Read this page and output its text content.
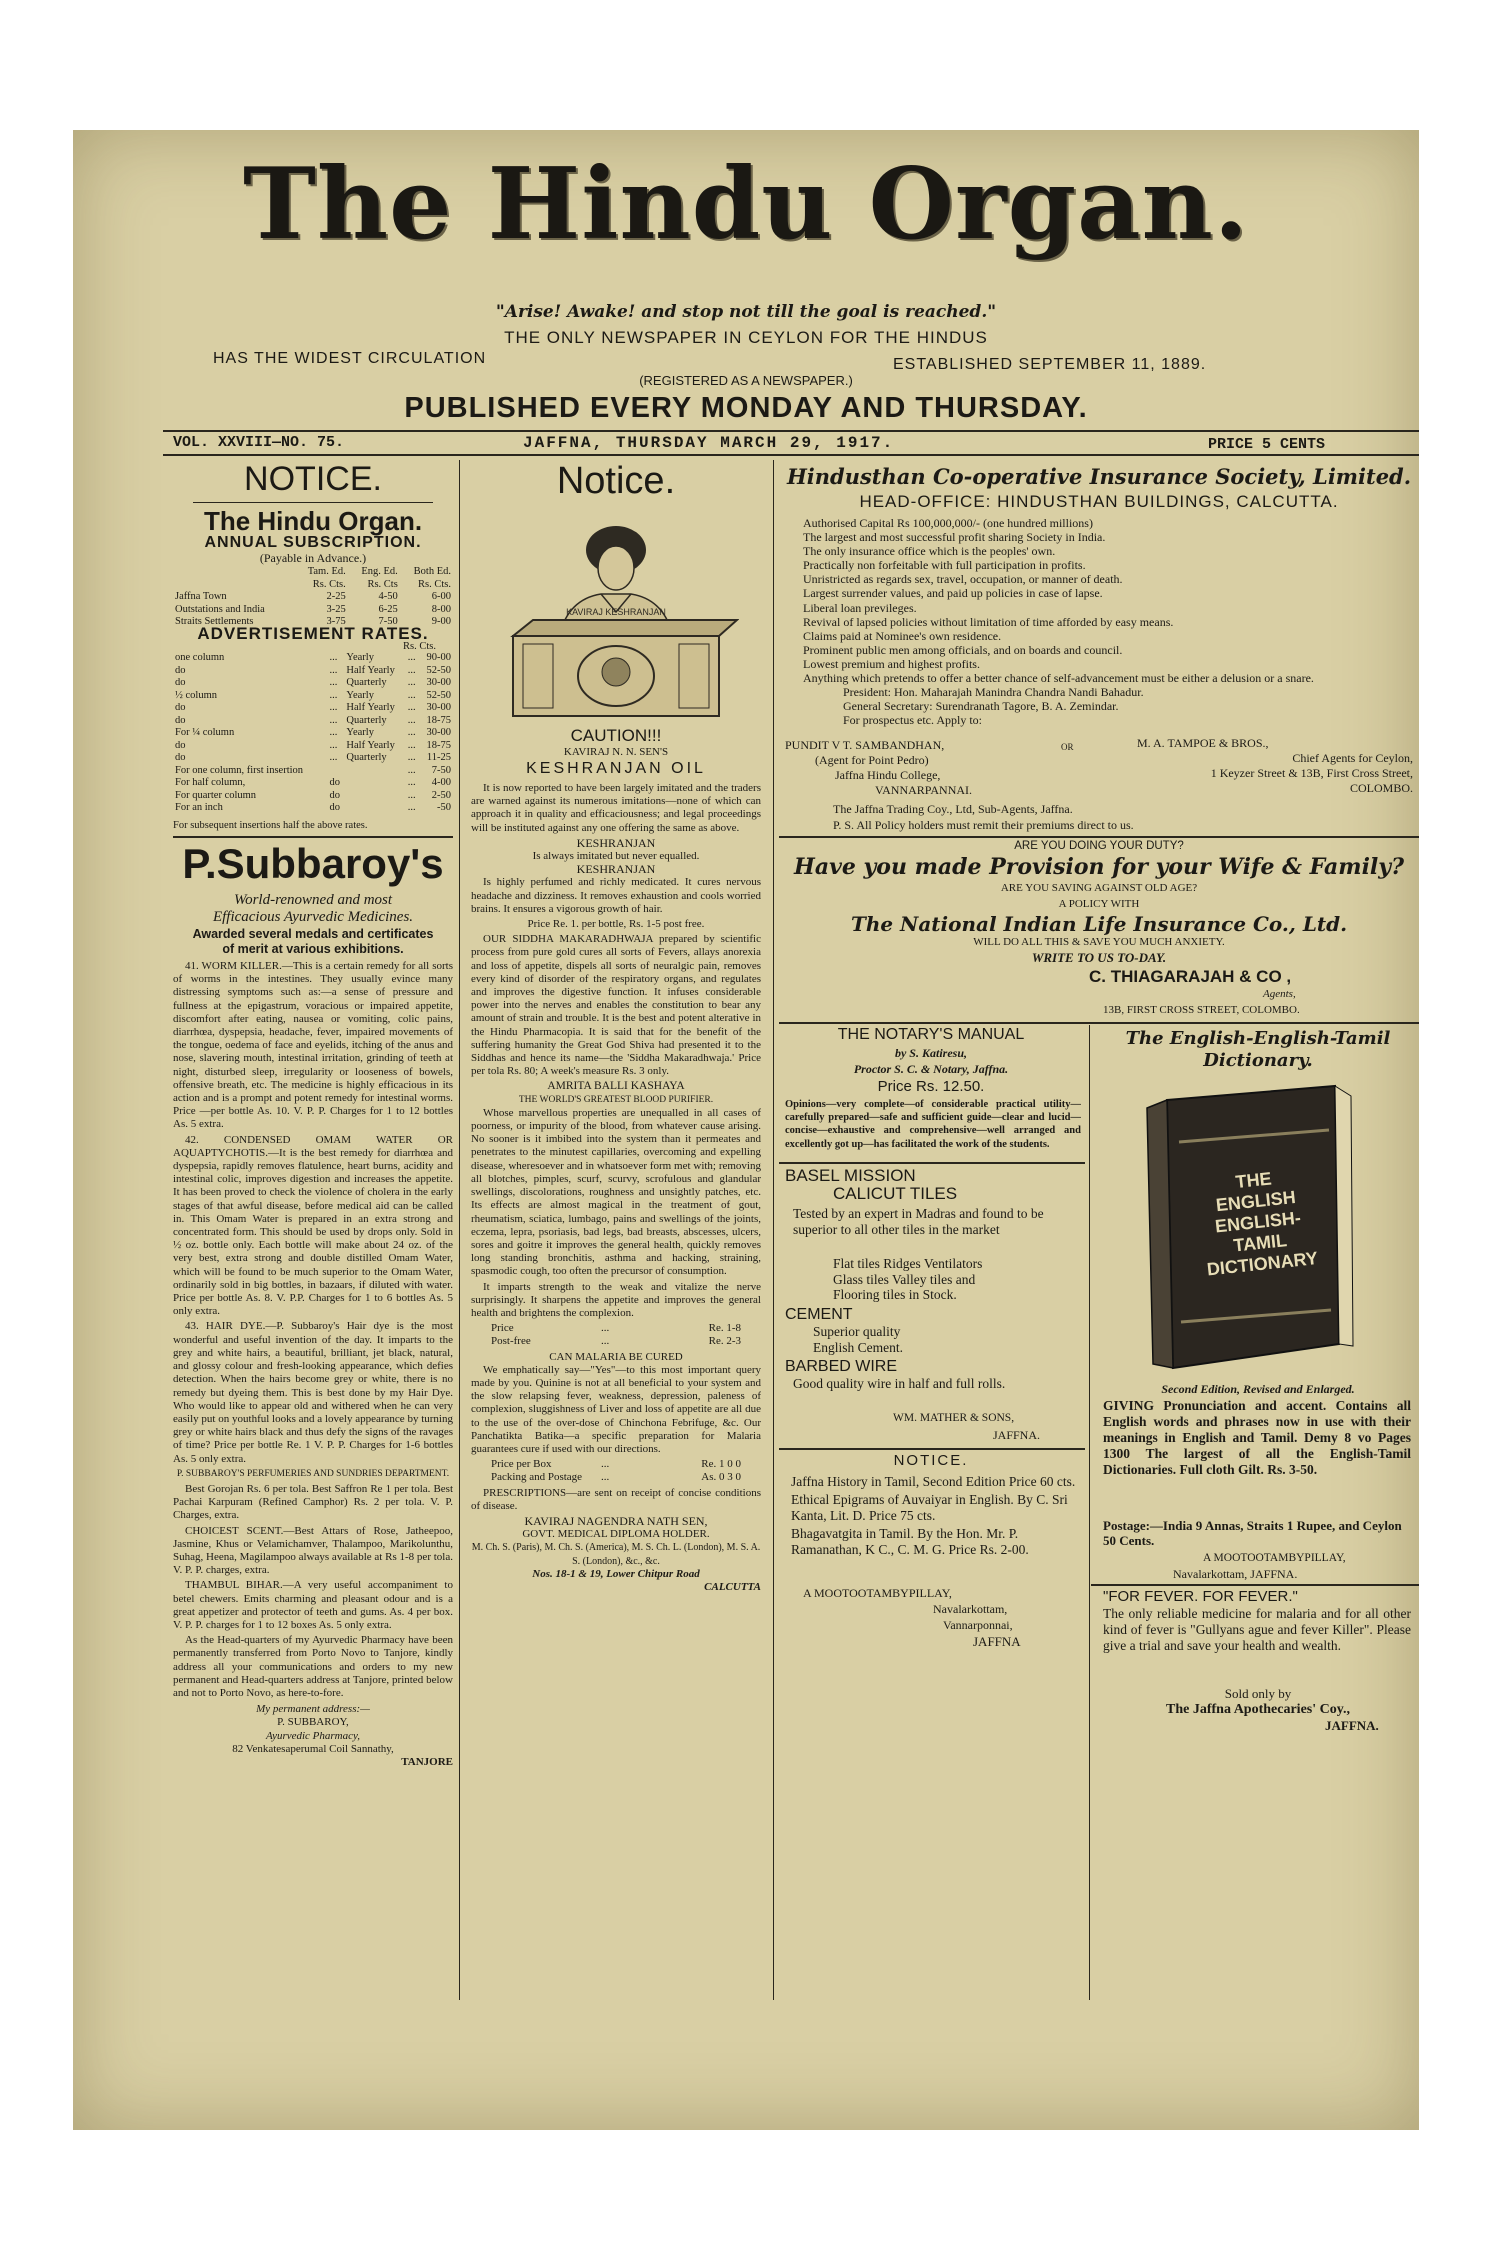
The Hindu Organ.
"Arise! Awake! and stop not till the goal is reached."
THE ONLY NEWSPAPER IN CEYLON FOR THE HINDUS
HAS THE WIDEST CIRCULATION	ESTABLISHED SEPTEMBER 11, 1889.
(REGISTERED AS A NEWSPAPER.)
PUBLISHED EVERY MONDAY AND THURSDAY.
VOL. XXVIII—NO. 75.	JAFFNA, THURSDAY MARCH 29, 1917.	PRICE 5 CENTS
NOTICE.
The Hindu Organ.
ANNUAL SUBSCRIPTION.
(Payable in Advance.)
	Tam. Ed.	Eng. Ed.	Both Ed.
	Rs. Cts.	Rs. Cts	Rs. Cts.
Jaffna Town	2-25	4-50	6-00
Outstations and India	3-25	6-25	8-00
Straits Settlements	3-75	7-50	9-00
ADVERTISEMENT RATES.
Rs. Cts.
one column	...	Yearly	...	90-00
do	...	Half Yearly	...	52-50
do	...	Quarterly	...	30-00
½ column	...	Yearly	...	52-50
do	...	Half Yearly	...	30-00
do	...	Quarterly	...	18-75
For ¼ column	...	Yearly	...	30-00
do	...	Half Yearly	...	18-75
do	...	Quarterly	...	11-25
For one column, first insertion			...	7-50
For half column,	do		...	4-00
For quarter column	do		...	2-50
For an inch	do		...	-50
For subsequent insertions half the above rates.
P.Subbaroy's
World-renowned and most
Efficacious Ayurvedic Medicines.
Awarded several medals and certificates
of merit at various exhibitions.

41. WORM KILLER.—This is a certain remedy for all sorts of worms in the intestines. They usually evince many distressing symptoms such as:—a sense of pressure and fullness at the epigastrum, voracious or impaired appetite, discomfort after eating, nausea or vomiting, colic pains, diarrhœa, dyspepsia, headache, fever, impaired movements of the tongue, oedema of face and eyelids, itching of the anus and nose, slavering mouth, intestinal irritation, grinding of teeth at night, disturbed sleep, irregularity or looseness of bowels, offensive breath, etc. The medicine is highly efficacious in its action and is a prompt and potent remedy for intestinal worms. Price —per bottle As. 10. V. P. P. Charges for 1 to 12 bottles As. 5 extra.

42. CONDENSED OMAM WATER OR AQUAPTYCHOTIS.—It is the best remedy for diarrhœa and dyspepsia, rapidly removes flatulence, heart burns, acidity and intestinal colic, improves digestion and increases the appetite. It has been proved to check the violence of cholera in the early stages of that awful disease, before medical aid can be called in. This Omam Water is prepared in an extra strong and concentrated form. This should be used by drops only. Sold in ½ oz. bottle only. Each bottle will make about 24 oz. of the very best, extra strong and double distilled Omam Water, which will be found to be much superior to the Omam Water, ordinarily sold in big bottles, in bazaars, if diluted with water. Price per bottle As. 8. V. P.P. Charges for 1 to 6 bottles As. 5 only extra.

43. HAIR DYE.—P. Subbaroy's Hair dye is the most wonderful and useful invention of the day. It imparts to the grey and white hairs, a beautiful, brilliant, jet black, natural, and glossy colour and fresh-looking appearance, which defies detection. When the hairs become grey or white, there is no remedy but dyeing them. This is best done by my Hair Dye. Who would like to appear old and withered when he can very easily put on youthful looks and a lovely appearance by turning grey or white hairs black and thus defy the signs of the ravages of time? Price per bottle Re. 1 V. P. P. Charges for 1-6 bottles As. 5 only extra.

P. SUBBAROY'S PERFUMERIES AND SUNDRIES DEPARTMENT.

Best Gorojan Rs. 6 per tola. Best Saffron Re 1 per tola. Best Pachai Karpuram (Refined Camphor) Rs. 2 per tola. V. P. Charges, extra.

CHOICEST SCENT.—Best Attars of Rose, Jatheepoo, Jasmine, Khus or Velamichamver, Thalampoo, Marikolunthu, Suhag, Heena, Magilampoo always available at Rs 1-8 per tola. V. P. P. charges, extra.

THAMBUL BIHAR.—A very useful accompaniment to betel chewers. Emits charming and pleasant odour and is a great appetizer and protector of teeth and gums. As. 4 per box. V. P. P. charges for 1 to 12 boxes As. 5 only extra.

As the Head-quarters of my Ayurvedic Pharmacy have been permanently transferred from Porto Novo to Tanjore, kindly address all your communications and orders to my new permanent and Head-quarters address at Tanjore, printed below and not to Porto Novo, as here-to-fore.

My permanent address:—
P. SUBBAROY,
Ayurvedic Pharmacy,
82 Venkatesaperumal Coil Sannathy,
TANJORE
Notice.
KAVIRAJ KESHRANJAN
CAUTION!!!
KAVIRAJ N. N. SEN'S
KESHRANJAN OIL

It is now reported to have been largely imitated and the traders are warned against its numerous imitations—none of which can approach it in quality and efficaciousness; and legal proceedings will be instituted against any one offering the same as above.

KESHRANJAN
Is always imitated but never equalled.
KESHRANJAN

Is highly perfumed and richly medicated. It cures nervous headache and dizziness. It removes exhaustion and cools worried brains. It ensures a vigorous growth of hair.

Price Re. 1. per bottle, Rs. 1-5 post free.

OUR SIDDHA MAKARADHWAJA prepared by scientific process from pure gold cures all sorts of Fevers, allays anorexia and loss of appetite, dispels all sorts of neuralgic pain, removes every kind of disorder of the respiratory organs, and regulates and improves the digestive function. It infuses considerable power into the nerves and enables the constitution to bear any amount of strain and trouble. It is the best and potent alterative in the Hindu Pharmacopia. It is said that for the benefit of the suffering humanity the Great God Shiva had presented it to the Siddhas and hence its name—the 'Siddha Makaradhwaja.' Price per tola Rs. 80; A week's measure Rs. 3 only.

AMRITA BALLI KASHAYA
THE WORLD'S GREATEST BLOOD PURIFIER.

Whose marvellous properties are unequalled in all cases of poorness, or impurity of the blood, from whatever cause arising. No sooner is it imbibed into the system than it permeates and penetrates to the minutest capillaries, overcoming and expelling disease, wheresoever and in whatsoever form met with; removing all blotches, pimples, scurf, scurvy, scrofulous and glandular swellings, discolorations, roughness and unsightly patches, etc. Its effects are almost magical in the treatment of gout, rheumatism, sciatica, lumbago, pains and swellings of the joints, eczema, lepra, psoriasis, bad legs, bad breasts, abscesses, ulcers, sores and goitre it improves the general health, quickly removes long standing bronchitis, asthma and hacking, straining, spasmodic cough, too often the precursor of consumption.

It imparts strength to the weak and vitalize the nerve surprisingly. It sharpens the appetite and improves the general health and brightens the complexion.

Price	...	Re. 1-8
Post-free	...	Re. 2-3
CAN MALARIA BE CURED

We emphatically say—"Yes"—to this most important query made by you. Quinine is not at all beneficial to your system and the slow relapsing fever, weakness, depression, paleness of complexion, sluggishness of Liver and loss of appetite are all due to the use of the over-dose of Chinchona Febrifuge, &c. Our Panchatikta Batika—a specific preparation for Malaria guarantees cure if used with our directions.

Price per Box	...	Re. 1 0 0
Packing and Postage	...	As. 0 3 0

PRESCRIPTIONS—are sent on receipt of concise conditions of disease.

KAVIRAJ NAGENDRA NATH SEN,
GOVT. MEDICAL DIPLOMA HOLDER.
M. Ch. S. (Paris), M. Ch. S. (America), M. S. Ch. L. (London), M. S. A. S. (London), &c., &c.
Nos. 18-1 & 19, Lower Chitpur Road
CALCUTTA
Hindusthan Co-operative Insurance Society, Limited.
HEAD-OFFICE: HINDUSTHAN BUILDINGS, CALCUTTA.
Authorised Capital Rs 100,000,000/- (one hundred millions)
The largest and most successful profit sharing Society in India.
The only insurance office which is the peoples' own.
Practically non forfeitable with full participation in profits.
Unristricted as regards sex, travel, occupation, or manner of death.
Largest surrender values, and paid up policies in case of lapse.
Liberal loan previleges.
Revival of lapsed policies without limitation of time afforded by easy means.
Claims paid at Nominee's own residence.
Prominent public men among officials, and on boards and council.
Lowest premium and highest profits.
Anything which pretends to offer a better chance of self-advancement must be either a delusion or a snare.
President: Hon. Maharajah Manindra Chandra Nandi Bahadur.
General Secretary: Surendranath Tagore, B. A. Zemindar.
For prospectus etc. Apply to:
PUNDIT V T. SAMBANDHAN,
(Agent for Point Pedro)
Jaffna Hindu College,
VANNARPANNAI.
OR	M. A. TAMPOE & BROS.,
Chief Agents for Ceylon,
1 Keyzer Street & 13B, First Cross Street,
COLOMBO.
The Jaffna Trading Coy., Ltd, Sub-Agents, Jaffna.
P. S. All Policy holders must remit their premiums direct to us.
ARE YOU DOING YOUR DUTY?
Have you made Provision for your Wife & Family?
ARE YOU SAVING AGAINST OLD AGE?
A POLICY WITH
The National Indian Life Insurance Co., Ltd.
WILL DO ALL THIS & SAVE YOU MUCH ANXIETY.
WRITE TO US TO-DAY.
C. THIAGARAJAH & CO ,
Agents,
13B, FIRST CROSS STREET, COLOMBO.
THE NOTARY'S MANUAL
by S. Katiresu,
Proctor S. C. & Notary, Jaffna.
Price Rs. 12.50.
Opinions—very complete—of considerable practical utility—carefully prepared—safe and sufficient guide—clear and lucid—concise—exhaustive and comprehensive—well arranged and excellently got up—has facilitated the work of the students.
BASEL MISSION
CALICUT TILES
Tested by an expert in Madras and found to be superior to all other tiles in the market
Flat tiles Ridges Ventilators
Glass tiles Valley tiles and
Flooring tiles in Stock.
CEMENT
Superior quality
English Cement.
BARBED WIRE
Good quality wire in half and full rolls.
WM. MATHER & SONS,
JAFFNA.
NOTICE.
Jaffna History in Tamil, Second Edition Price 60 cts.
Ethical Epigrams of Auvaiyar in English. By C. Sri Kanta, Lit. D. Price 75 cts.
Bhagavatgita in Tamil. By the Hon. Mr. P. Ramanathan, K C., C. M. G. Price Rs. 2-00.
A MOOTOOTAMBYPILLAY,
Navalarkottam,
Vannarponnai,
JAFFNA
The English-English-Tamil Dictionary.
THE
ENGLISH
ENGLISH-
TAMIL
DICTIONARY
Second Edition, Revised and Enlarged.
GIVING Pronunciation and accent. Contains all English words and phrases now in use with their meanings in English and Tamil. Demy 8 vo Pages 1300 The largest of all the English-Tamil Dictionaries. Full cloth Gilt. Rs. 3-50.
Postage:—India 9 Annas, Straits 1 Rupee, and Ceylon 50 Cents.
A MOOTOOTAMBYPILLAY,
Navalarkottam, JAFFNA.
"FOR FEVER. FOR FEVER."
The only reliable medicine for malaria and for all other kind of fever is "Gullyans ague and fever Killer". Please give a trial and save your health and wealth.
Sold only by
The Jaffna Apothecaries' Coy.,
JAFFNA.
